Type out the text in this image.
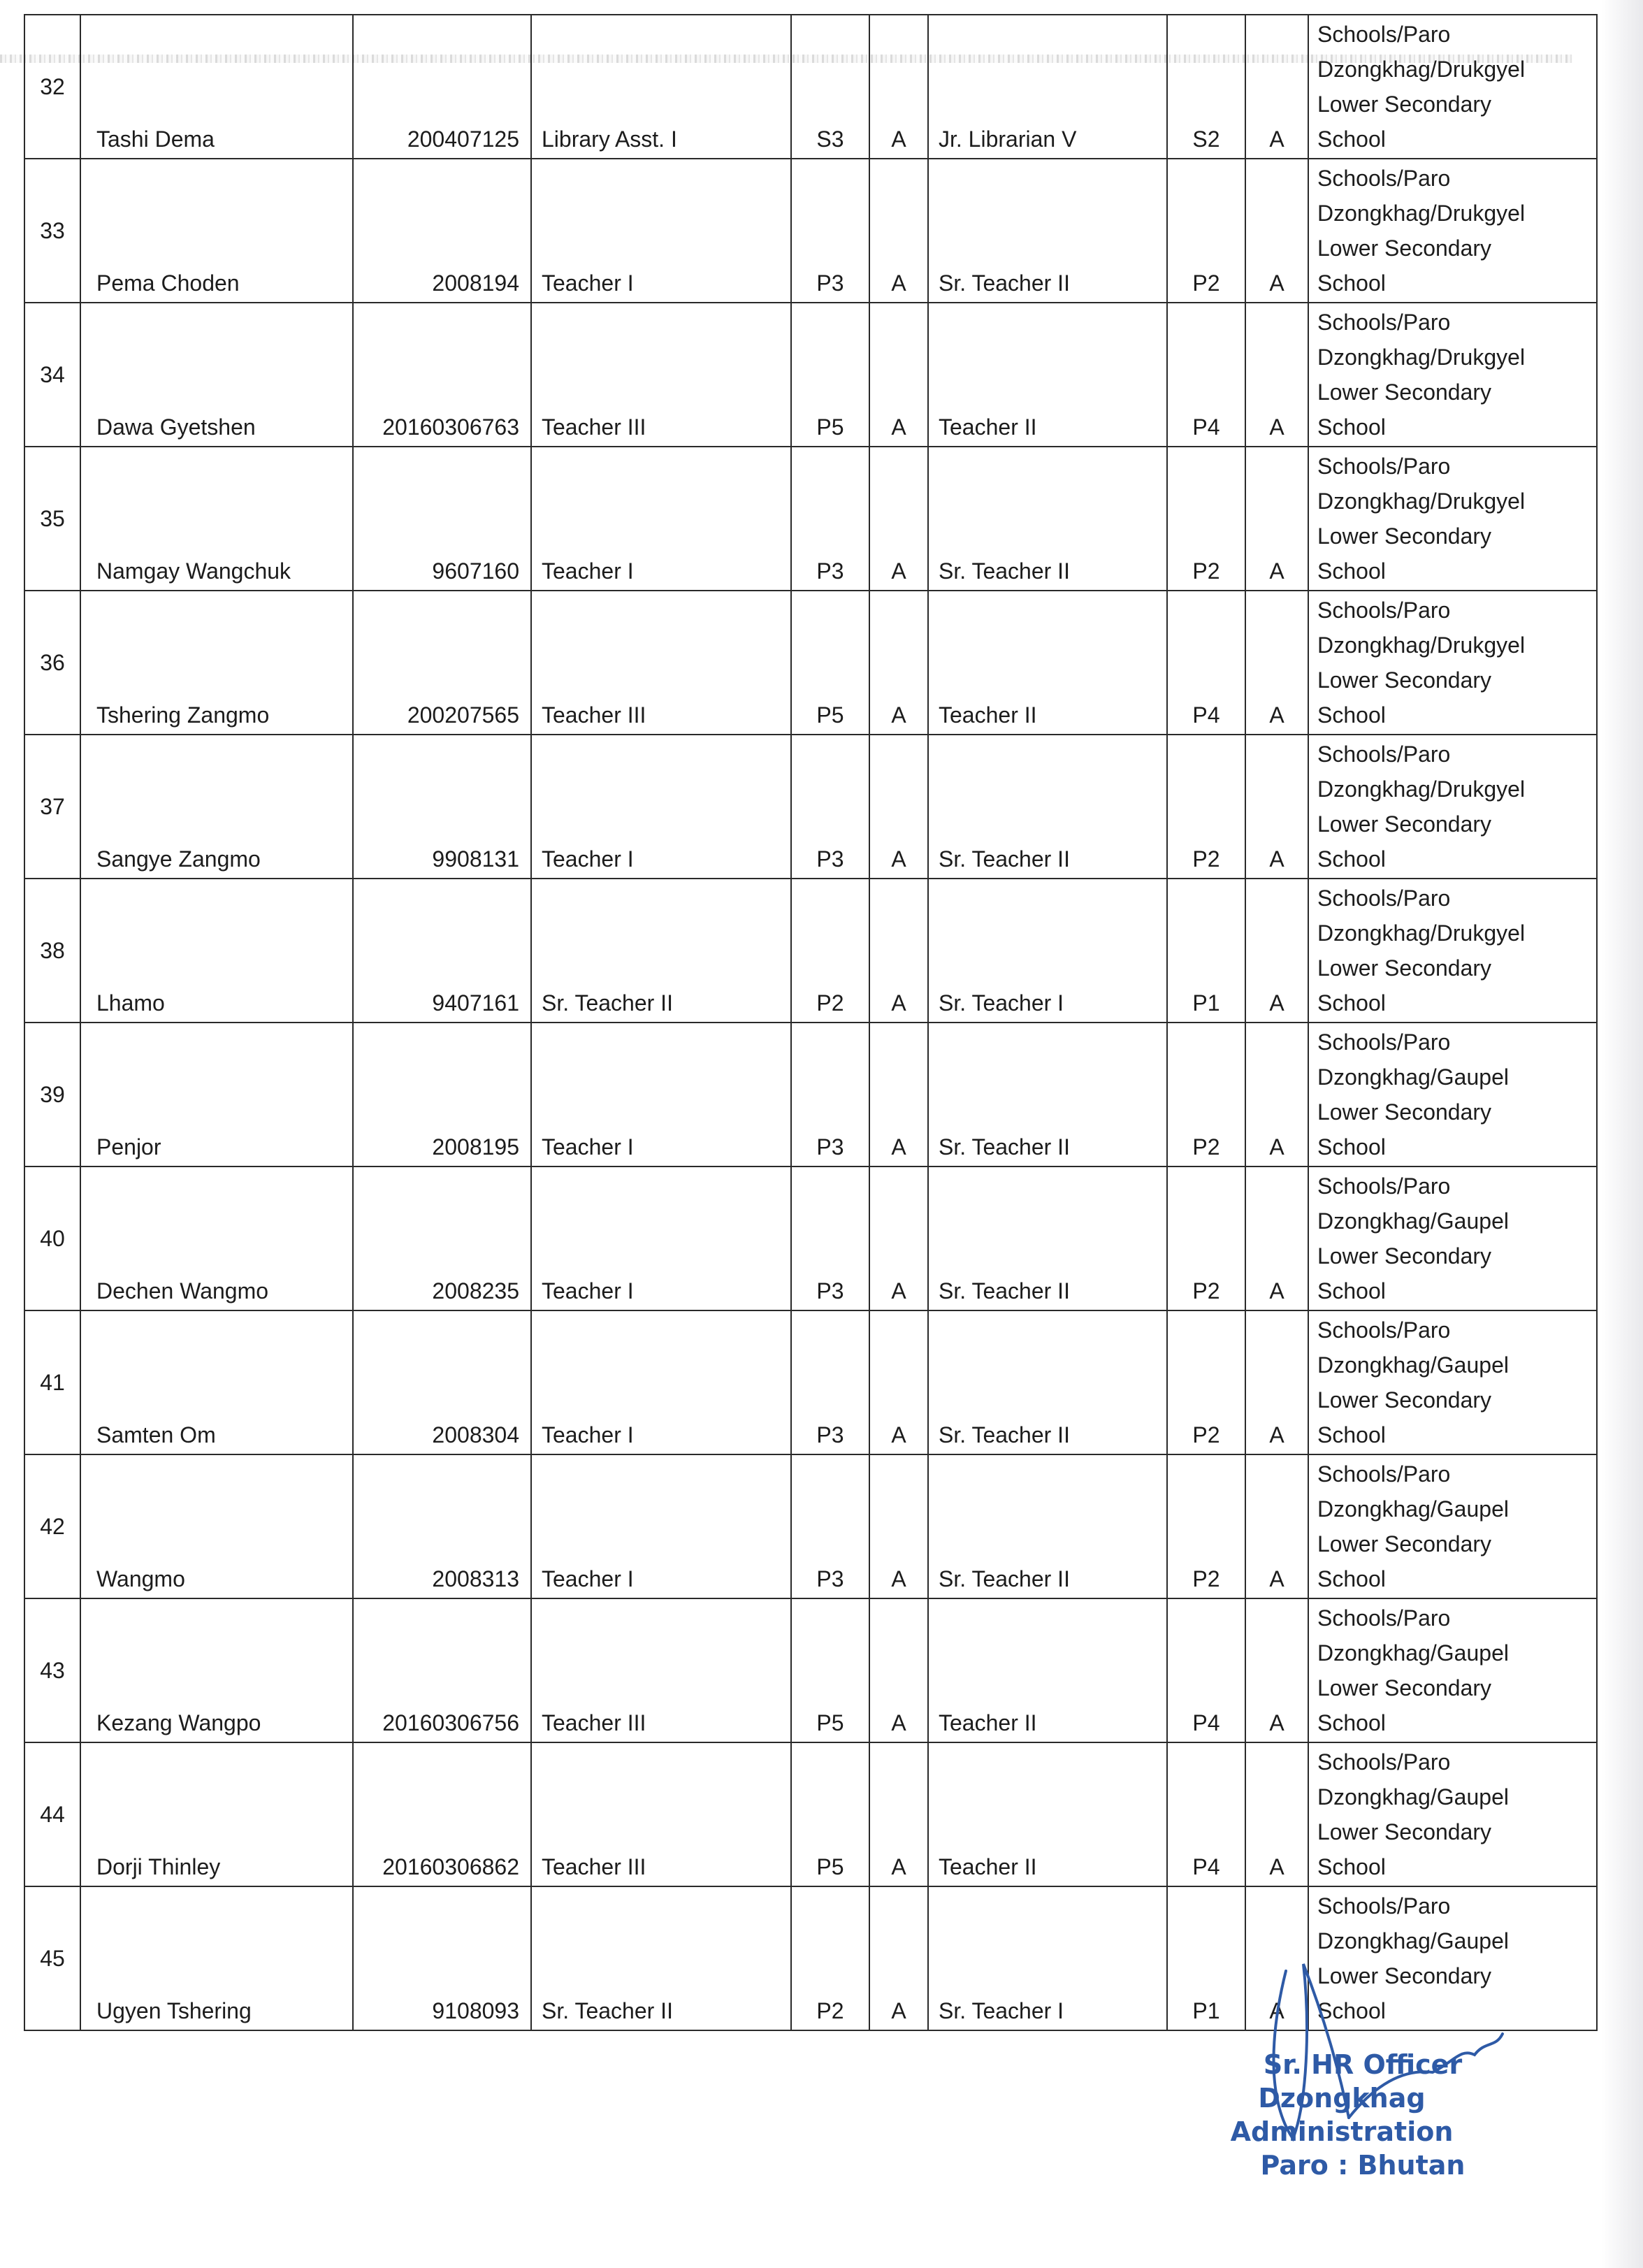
32	Tashi Dema	200407125	Library Asst. I	S3	A	Jr. Librarian V	S2	A	Schools/Paro
Dzongkhag/Drukgyel
Lower Secondary
School

33	Pema Choden	2008194	Teacher I	P3	A	Sr. Teacher II	P2	A	Schools/Paro
Dzongkhag/Drukgyel
Lower Secondary
School

34	Dawa Gyetshen	20160306763	Teacher III	P5	A	Teacher II	P4	A	Schools/Paro
Dzongkhag/Drukgyel
Lower Secondary
School

35	Namgay Wangchuk	9607160	Teacher I	P3	A	Sr. Teacher II	P2	A	Schools/Paro
Dzongkhag/Drukgyel
Lower Secondary
School

36	Tshering Zangmo	200207565	Teacher III	P5	A	Teacher II	P4	A	Schools/Paro
Dzongkhag/Drukgyel
Lower Secondary
School

37	Sangye Zangmo	9908131	Teacher I	P3	A	Sr. Teacher II	P2	A	Schools/Paro
Dzongkhag/Drukgyel
Lower Secondary
School

38	Lhamo	9407161	Sr. Teacher II	P2	A	Sr. Teacher I	P1	A	Schools/Paro
Dzongkhag/Drukgyel
Lower Secondary
School

39	Penjor	2008195	Teacher I	P3	A	Sr. Teacher II	P2	A	Schools/Paro
Dzongkhag/Gaupel
Lower Secondary
School

40	Dechen Wangmo	2008235	Teacher I	P3	A	Sr. Teacher II	P2	A	Schools/Paro
Dzongkhag/Gaupel
Lower Secondary
School

41	Samten Om	2008304	Teacher I	P3	A	Sr. Teacher II	P2	A	Schools/Paro
Dzongkhag/Gaupel
Lower Secondary
School

42	Wangmo	2008313	Teacher I	P3	A	Sr. Teacher II	P2	A	Schools/Paro
Dzongkhag/Gaupel
Lower Secondary
School

43	Kezang Wangpo	20160306756	Teacher III	P5	A	Teacher II	P4	A	Schools/Paro
Dzongkhag/Gaupel
Lower Secondary
School

44	Dorji Thinley	20160306862	Teacher III	P5	A	Teacher II	P4	A	Schools/Paro
Dzongkhag/Gaupel
Lower Secondary
School

45	Ugyen Tshering	9108093	Sr. Teacher II	P2	A	Sr. Teacher I	P1	A	Schools/Paro
Dzongkhag/Gaupel
Lower Secondary
School
Sr. HR Officer
Dzongkhag Administration
Paro : Bhutan
